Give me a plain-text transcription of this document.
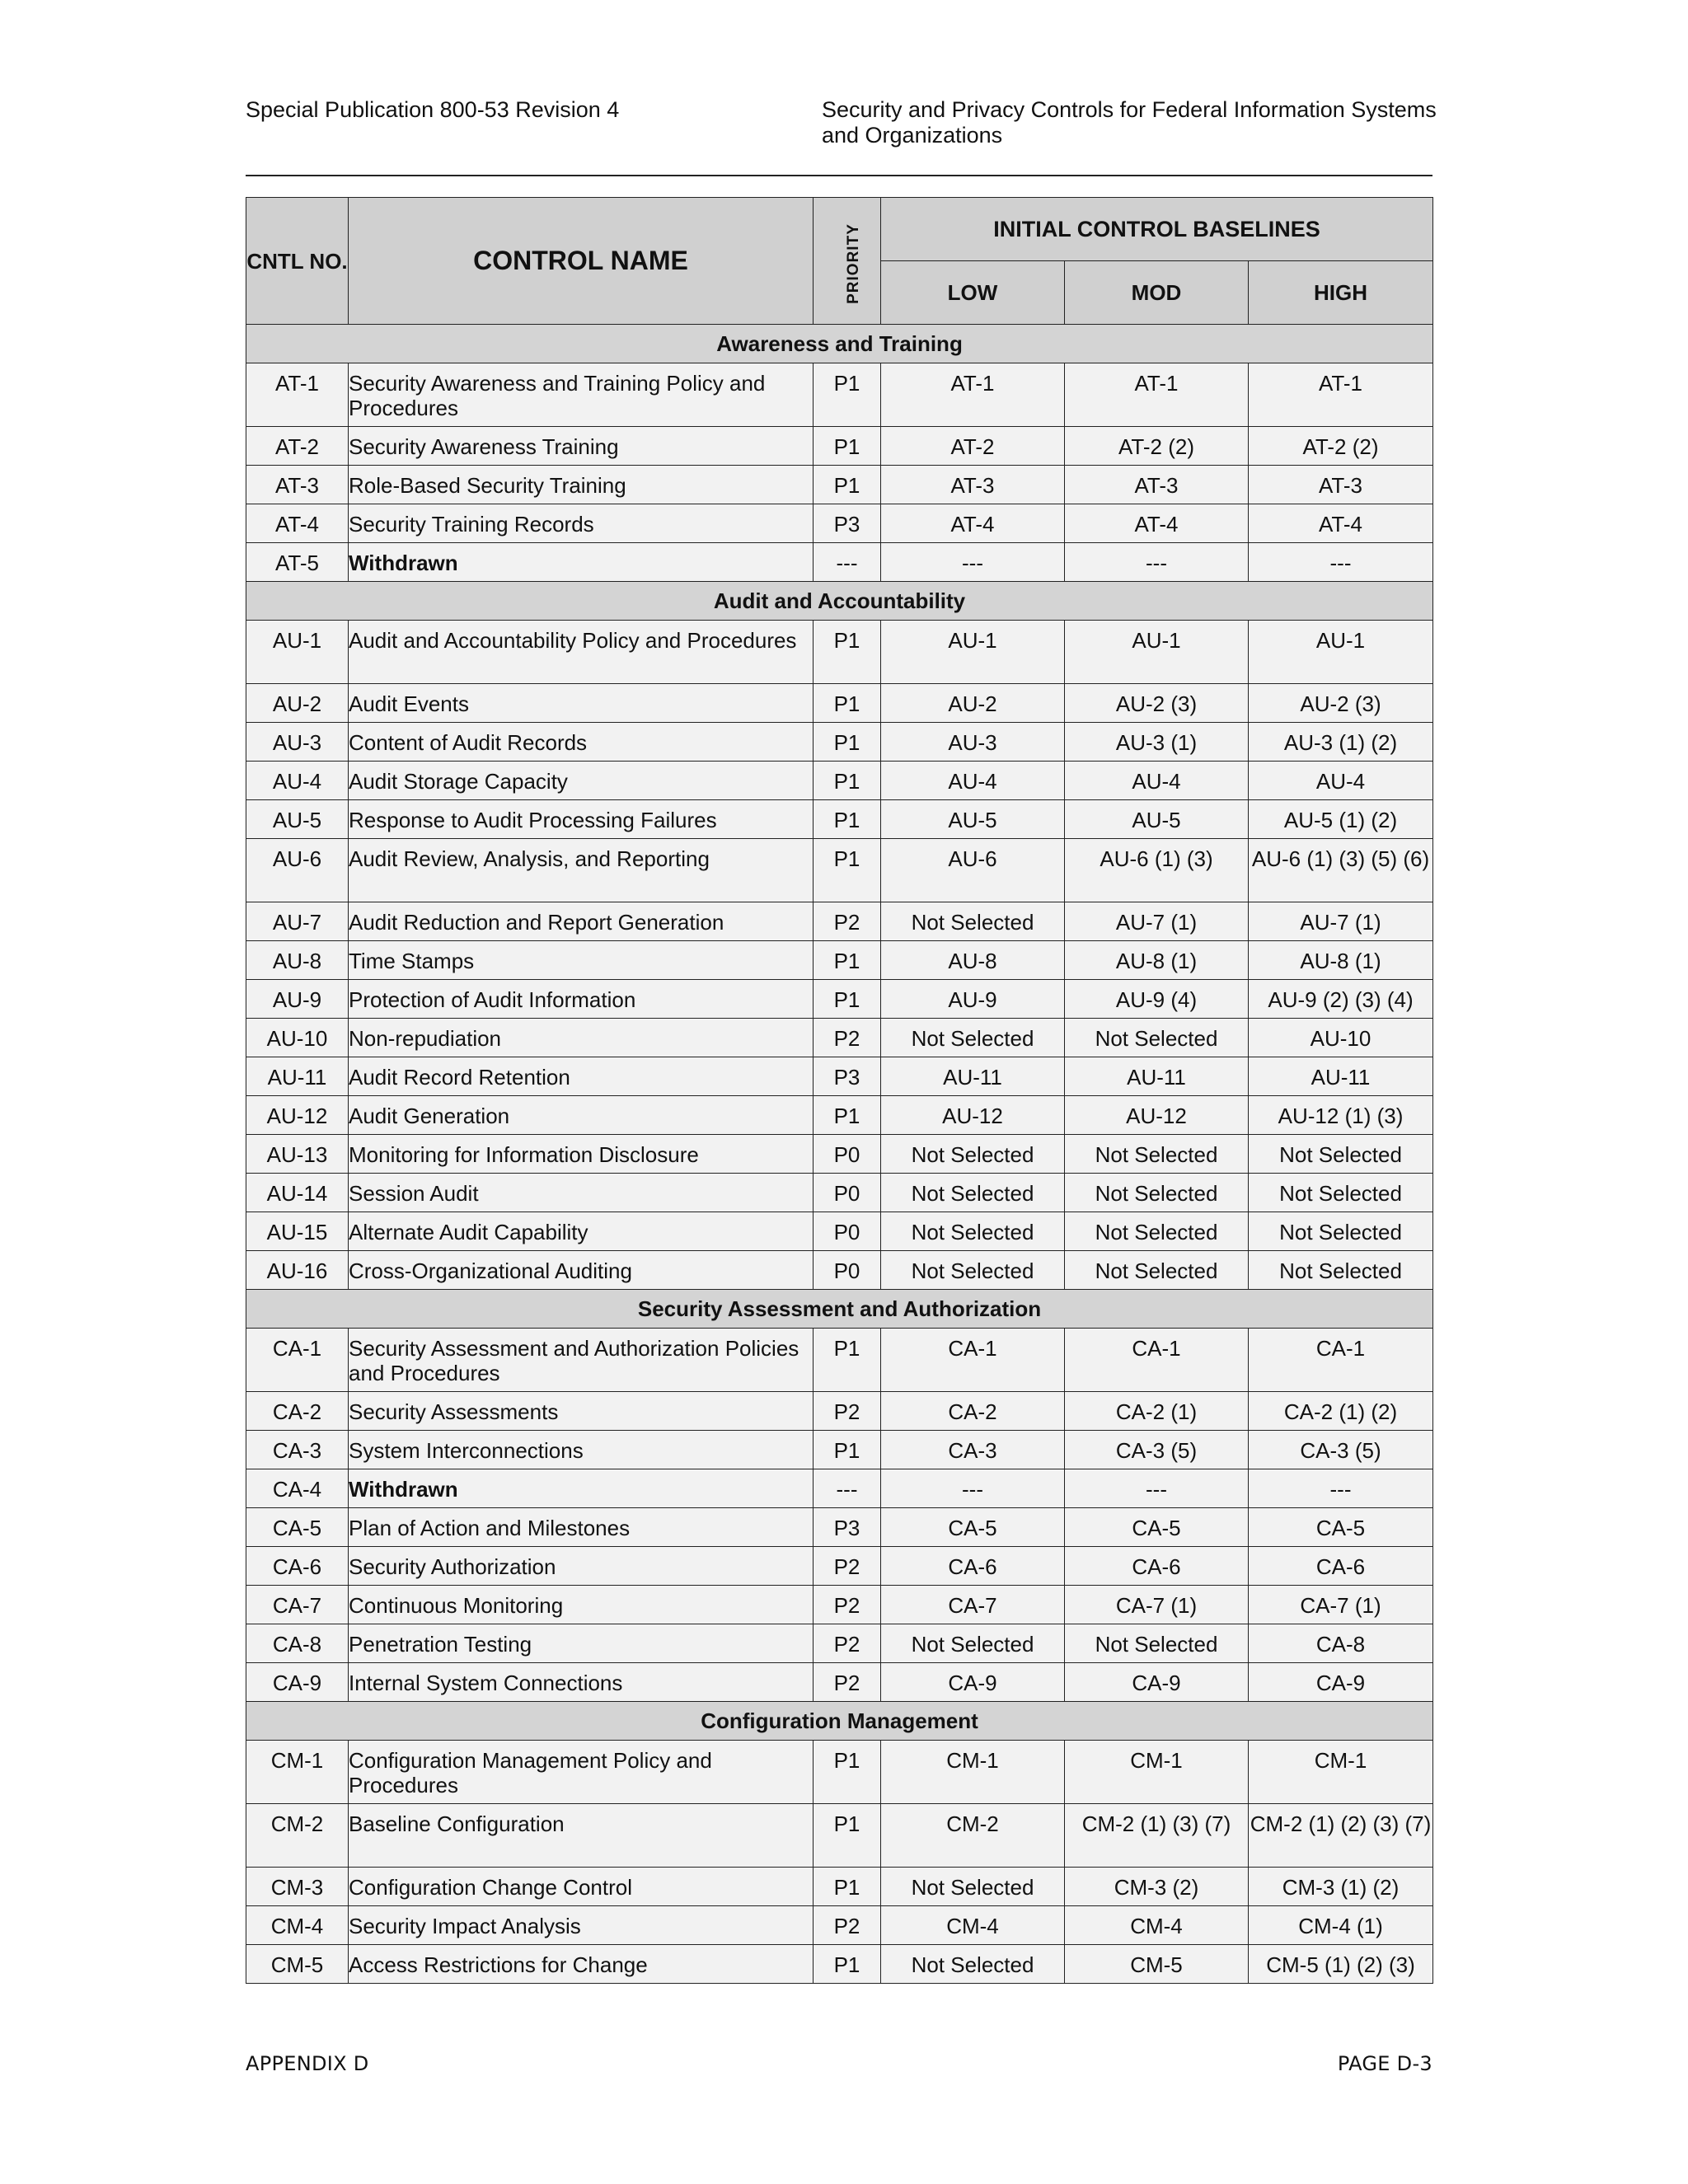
Special Publication 800-53 Revision 4	Security and Privacy Controls for Federal Information Systems and Organizations
CNTL NO.	CONTROL NAME	PRIORITY	INITIAL CONTROL BASELINES		
			LOW	MOD	HIGH
Awareness and Training					
AT-1	Security Awareness and Training Policy and Procedures	P1	AT-1	AT-1	AT-1
AT-2	Security Awareness Training	P1	AT-2	AT-2 (2)	AT-2 (2)
AT-3	Role-Based Security Training	P1	AT-3	AT-3	AT-3
AT-4	Security Training Records	P3	AT-4	AT-4	AT-4
AT-5	Withdrawn	---	---	---	---
Audit and Accountability					
AU-1	Audit and Accountability Policy and Procedures	P1	AU-1	AU-1	AU-1
AU-2	Audit Events	P1	AU-2	AU-2 (3)	AU-2 (3)
AU-3	Content of Audit Records	P1	AU-3	AU-3 (1)	AU-3 (1) (2)
AU-4	Audit Storage Capacity	P1	AU-4	AU-4	AU-4
AU-5	Response to Audit Processing Failures	P1	AU-5	AU-5	AU-5 (1) (2)
AU-6	Audit Review, Analysis, and Reporting	P1	AU-6	AU-6 (1) (3)	AU-6 (1) (3) (5) (6)
AU-7	Audit Reduction and Report Generation	P2	Not Selected	AU-7 (1)	AU-7 (1)
AU-8	Time Stamps	P1	AU-8	AU-8 (1)	AU-8 (1)
AU-9	Protection of Audit Information	P1	AU-9	AU-9 (4)	AU-9 (2) (3) (4)
AU-10	Non-repudiation	P2	Not Selected	Not Selected	AU-10
AU-11	Audit Record Retention	P3	AU-11	AU-11	AU-11
AU-12	Audit Generation	P1	AU-12	AU-12	AU-12 (1) (3)
AU-13	Monitoring for Information Disclosure	P0	Not Selected	Not Selected	Not Selected
AU-14	Session Audit	P0	Not Selected	Not Selected	Not Selected
AU-15	Alternate Audit Capability	P0	Not Selected	Not Selected	Not Selected
AU-16	Cross-Organizational Auditing	P0	Not Selected	Not Selected	Not Selected
Security Assessment and Authorization					
CA-1	Security Assessment and Authorization Policies and Procedures	P1	CA-1	CA-1	CA-1
CA-2	Security Assessments	P2	CA-2	CA-2 (1)	CA-2 (1) (2)
CA-3	System Interconnections	P1	CA-3	CA-3 (5)	CA-3 (5)
CA-4	Withdrawn	---	---	---	---
CA-5	Plan of Action and Milestones	P3	CA-5	CA-5	CA-5
CA-6	Security Authorization	P2	CA-6	CA-6	CA-6
CA-7	Continuous Monitoring	P2	CA-7	CA-7 (1)	CA-7 (1)
CA-8	Penetration Testing	P2	Not Selected	Not Selected	CA-8
CA-9	Internal System Connections	P2	CA-9	CA-9	CA-9
Configuration Management					
CM-1	Configuration Management Policy and Procedures	P1	CM-1	CM-1	CM-1
CM-2	Baseline Configuration	P1	CM-2	CM-2 (1) (3) (7)	CM-2 (1) (2) (3) (7)
CM-3	Configuration Change Control	P1	Not Selected	CM-3 (2)	CM-3 (1) (2)
CM-4	Security Impact Analysis	P2	CM-4	CM-4	CM-4 (1)
CM-5	Access Restrictions for Change	P1	Not Selected	CM-5	CM-5 (1) (2) (3)
APPENDIX D	PAGE D-3
